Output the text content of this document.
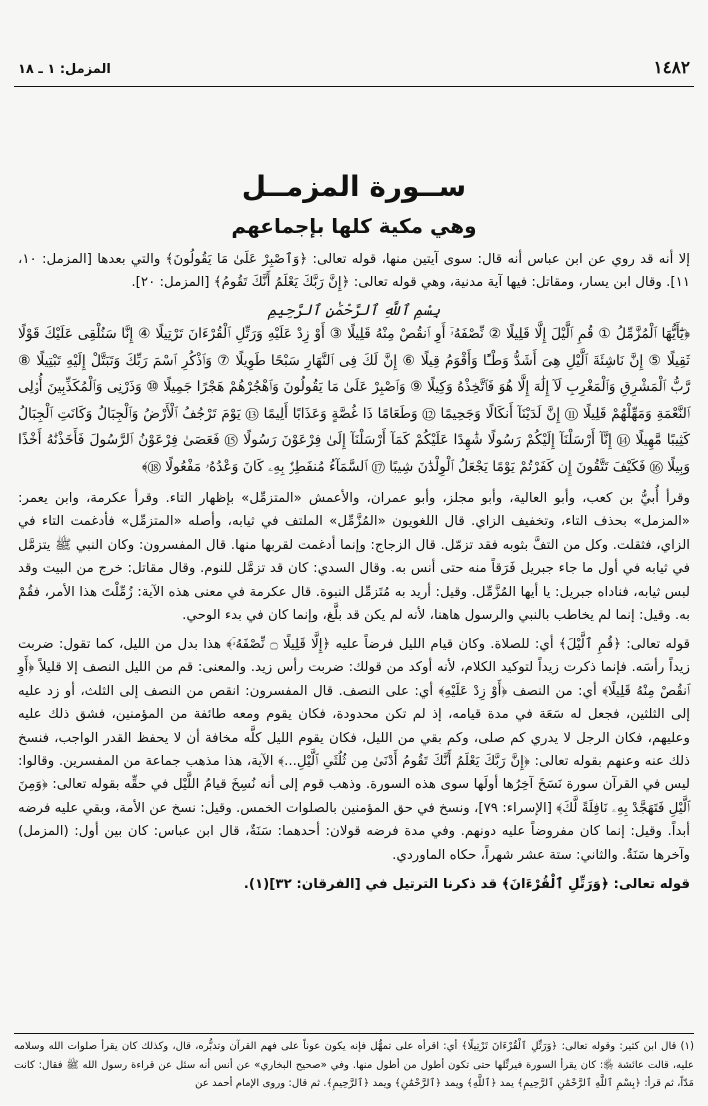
١٤٨٢
المزمل: ١ ـ ١٨
ســورة المزمــل
وهي مكية كلها بإجماعهم
إلا أنه قد روي عن ابن عباس أنه قال: سوى آيتين منها، قوله تعالى: ﴿وَٱصْبِرْ عَلَىٰ مَا يَقُولُونَ﴾ والتي بعدها [المزمل: ١٠، ١١]. وقال ابن يسار، ومقاتل: فيها آية مدنية، وهي قوله تعالى: ﴿إِنَّ رَبَّكَ يَعْلَمُ أَنَّكَ تَقُومُ﴾ [المزمل: ٢٠].
بِسْمِ ٱللَّهِ ٱلرَّحْمَٰنِ ٱلرَّحِيمِ
﴿يَٰٓأَيُّهَا ٱلْمُزَّمِّلُ ① قُمِ ٱلَّيْلَ إِلَّا قَلِيلًا ② نِّصْفَهُۥٓ أَوِ ٱنقُصْ مِنْهُ قَلِيلًا ③ أَوْ زِدْ عَلَيْهِ وَرَتِّلِ ٱلْقُرْءَانَ تَرْتِيلًا ④ إِنَّا سَنُلْقِى عَلَيْكَ قَوْلًا ثَقِيلًا ⑤ إِنَّ نَاشِئَةَ ٱلَّيْلِ هِىَ أَشَدُّ وَطْـًٔا وَأَقْوَمُ قِيلًا ⑥ إِنَّ لَكَ فِى ٱلنَّهَارِ سَبْحًا طَوِيلًا ⑦ وَٱذْكُرِ ٱسْمَ رَبِّكَ وَتَبَتَّلْ إِلَيْهِ تَبْتِيلًا ⑧ رَّبُّ ٱلْمَشْرِقِ وَٱلْمَغْرِبِ لَآ إِلَٰهَ إِلَّا هُوَ فَٱتَّخِذْهُ وَكِيلًا ⑨ وَٱصْبِرْ عَلَىٰ مَا يَقُولُونَ وَٱهْجُرْهُمْ هَجْرًا جَمِيلًا ⑩ وَذَرْنِى وَٱلْمُكَذِّبِينَ أُو۟لِى ٱلنَّعْمَةِ وَمَهِّلْهُمْ قَلِيلًا ⑪ إِنَّ لَدَيْنَآ أَنكَالًا وَجَحِيمًا ⑫ وَطَعَامًا ذَا غُصَّةٍ وَعَذَابًا أَلِيمًا ⑬ يَوْمَ تَرْجُفُ ٱلْأَرْضُ وَٱلْجِبَالُ وَكَانَتِ ٱلْجِبَالُ كَثِيبًا مَّهِيلًا ⑭ إِنَّآ أَرْسَلْنَآ إِلَيْكُمْ رَسُولًا شَٰهِدًا عَلَيْكُمْ كَمَآ أَرْسَلْنَآ إِلَىٰ فِرْعَوْنَ رَسُولًا ⑮ فَعَصَىٰ فِرْعَوْنُ ٱلرَّسُولَ فَأَخَذْنَٰهُ أَخْذًا وَبِيلًا ⑯ فَكَيْفَ تَتَّقُونَ إِن كَفَرْتُمْ يَوْمًا يَجْعَلُ ٱلْوِلْدَٰنَ شِيبًا ⑰ ٱلسَّمَآءُ مُنفَطِرٌۢ بِهِۦ كَانَ وَعْدُهُۥ مَفْعُولًا ⑱﴾
وقرأ أُبيُّ بن كعب، وأبو العالية، وأبو مجلز، وأبو عمران، والأعمش «المتزمِّل» بإظهار التاء. وقرأ عكرمة، وابن يعمر: «المزمل» بحذف التاء، وتخفيف الزاي. قال اللغويون «المُزَّمِّل» الملتف في ثيابه، وأصله «المتزمِّل» فأدغمت التاء في الزاي، فثقلت. وكل من التفَّ بثوبه فقد تزمّل. قال الزجاج: وإنما أدغمت لقربها منها. قال المفسرون: وكان النبي ﷺ يتزمَّل في ثيابه في أول ما جاء جبريل فَرَقاً منه حتى أنس به. وقال السدي: كان قد تزمَّل للنوم. وقال مقاتل: خرج من البيت وقد لبس ثيابه، فناداه جبريل: يا أيها المُزَّمِّل. وقيل: أريد به مُتَزمِّل النبوة. قال عكرمة في معنى هذه الآية: زُمِّلْتَ هذا الأمر، فقُمْ به. وقيل: إنما لم يخاطب بالنبي والرسول هاهنا، لأنه لم يكن قد بلَّغ، وإنما كان في بدء الوحي.
قوله تعالى: ﴿قُمِ ٱلَّيْلَ﴾ أي: للصلاة. وكان قيام الليل فرضاً عليه ﴿إِلَّا قَلِيلًا ۝ نِّصْفَهُۥٓ﴾ هذا بدل من الليل، كما تقول: ضربت زيداً رأسَه. فإنما ذكرت زيداً لتوكيد الكلام، لأنه أوكد من قولك: ضربت رأس زيد. والمعنى: قم من الليل النصف إلا قليلاً ﴿أَوِ ٱنقُصْ مِنْهُ قَلِيلًا﴾ أي: من النصف ﴿أَوْ زِدْ عَلَيْهِ﴾ أي: على النصف. قال المفسرون: انقص من النصف إلى الثلث، أو زد عليه إلى الثلثين، فجعل له سَعَة في مدة قيامه، إذ لم تكن محدودة، فكان يقوم ومعه طائفة من المؤمنين، فشق ذلك عليه وعليهم، فكان الرجل لا يدري كم صلى، وكم بقي من الليل، فكان يقوم الليل كلَّه مخافة أن لا يحفظ القدر الواجب، فنسخ ذلك عنه وعنهم بقوله تعالى: ﴿إِنَّ رَبَّكَ يَعْلَمُ أَنَّكَ تَقُومُ أَدْنَىٰ مِن ثُلُثَىِ ٱلَّيْلِ...﴾ الآية، هذا مذهب جماعة من المفسرين. وقالوا: ليس في القرآن سورة نَسَخَ آخِرُها أولَها سوى هذه السورة. وذهب قوم إلى أنه نُسِخَ قيامُ اللَّيْل في حقِّه بقوله تعالى: ﴿وَمِنَ ٱلَّيْلِ فَتَهَجَّدْ بِهِۦ نَافِلَةً لَّكَ﴾ [الإسراء: ٧٩]، ونسخ في حق المؤمنين بالصلوات الخمس. وقيل: نسخ عن الأمة، وبقي عليه فرضه أبداً. وقيل: إنما كان مفروضاً عليه دونهم. وفي مدة فرضه قولان: أحدهما: سَنَةٌ، قال ابن عباس: كان بين أول: (المزمل) وآخرها سَنَةٌ. والثاني: ستة عشر شهراً، حكاه الماوردي.
قوله تعالى: ﴿وَرَتِّلِ ٱلْقُرْءَانَ﴾ قد ذكرنا الترتيل في [الفرقان: ٣٢](١).
(١) قال ابن كثير: وقوله تعالى: ﴿وَرَتِّلِ ٱلْقُرْءَانَ تَرْتِيلًا﴾ أي: اقرأه على تمهُّل فإنه يكون عوناً على فهم القرآن وتدبُّره، قال، وكذلك كان يقرأ صلوات الله وسلامه عليه، قالت عائشة ﵂: كان يقرأ السورة فيرتِّلها حتى تكون أطول من أطول منها. وفي «صحيح البخاري» عن أنس أنه سئل عن قراءة رسول الله ﷺ فقال: كانت مَدّاً، ثم قرأ: ﴿بِسْمِ ٱللَّهِ ٱلرَّحْمَٰنِ ٱلرَّحِيمِ﴾ يمد ﴿ٱللَّهِ﴾ ويمد ﴿ٱلرَّحْمَٰنِ﴾ ويمد ﴿ٱلرَّحِيمِ﴾. ثم قال: وروى الإمام أحمد عن
